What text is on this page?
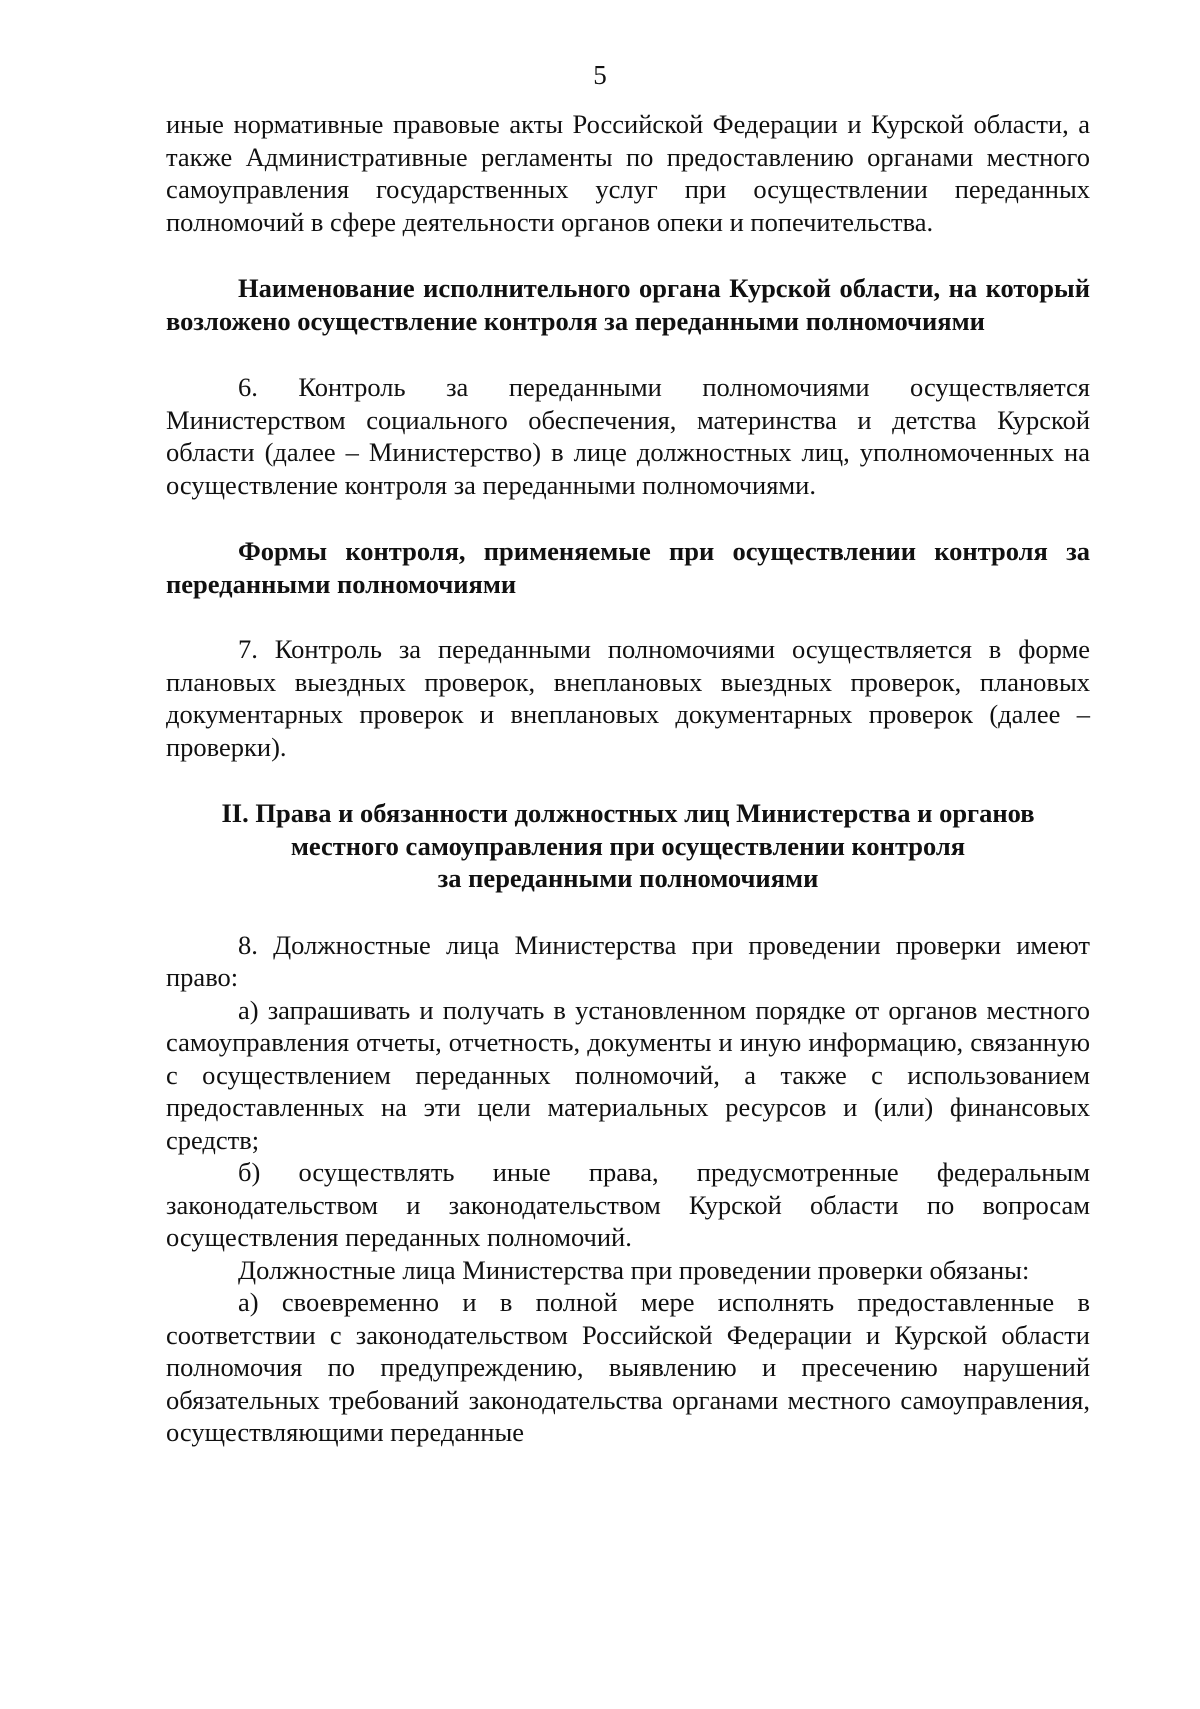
5

иные нормативные правовые акты Российской Федерации и Курской области, а также Административные регламенты по предоставлению органами местного самоуправления государственных услуг при осуществлении переданных полномочий в сфере деятельности органов опеки и попечительства.

Наименование исполнительного органа Курской области, на который возложено осуществление контроля за переданными полномочиями

6. Контроль за переданными полномочиями осуществляется Министерством социального обеспечения, материнства и детства Курской области (далее – Министерство) в лице должностных лиц, уполномоченных на осуществление контроля за переданными полномочиями.

Формы контроля, применяемые при осуществлении контроля за переданными полномочиями

7. Контроль за переданными полномочиями осуществляется в форме плановых выездных проверок, внеплановых выездных проверок, плановых документарных проверок и внеплановых документарных проверок (далее – проверки).

II. Права и обязанности должностных лиц Министерства и органов

местного самоуправления при осуществлении контроля

за переданными полномочиями

8. Должностные лица Министерства при проведении проверки имеют право:

а) запрашивать и получать в установленном порядке от органов местного самоуправления отчеты, отчетность, документы и иную информацию, связанную с осуществлением переданных полномочий, а также с использованием предоставленных на эти цели материальных ресурсов и (или) финансовых средств;

б) осуществлять иные права, предусмотренные федеральным законодательством и законодательством Курской области по вопросам осуществления переданных полномочий.

Должностные лица Министерства при проведении проверки обязаны:

а) своевременно и в полной мере исполнять предоставленные в соответствии с законодательством Российской Федерации и Курской области полномочия по предупреждению, выявлению и пресечению нарушений обязательных требований законодательства органами местного самоуправления, осуществляющими переданные
